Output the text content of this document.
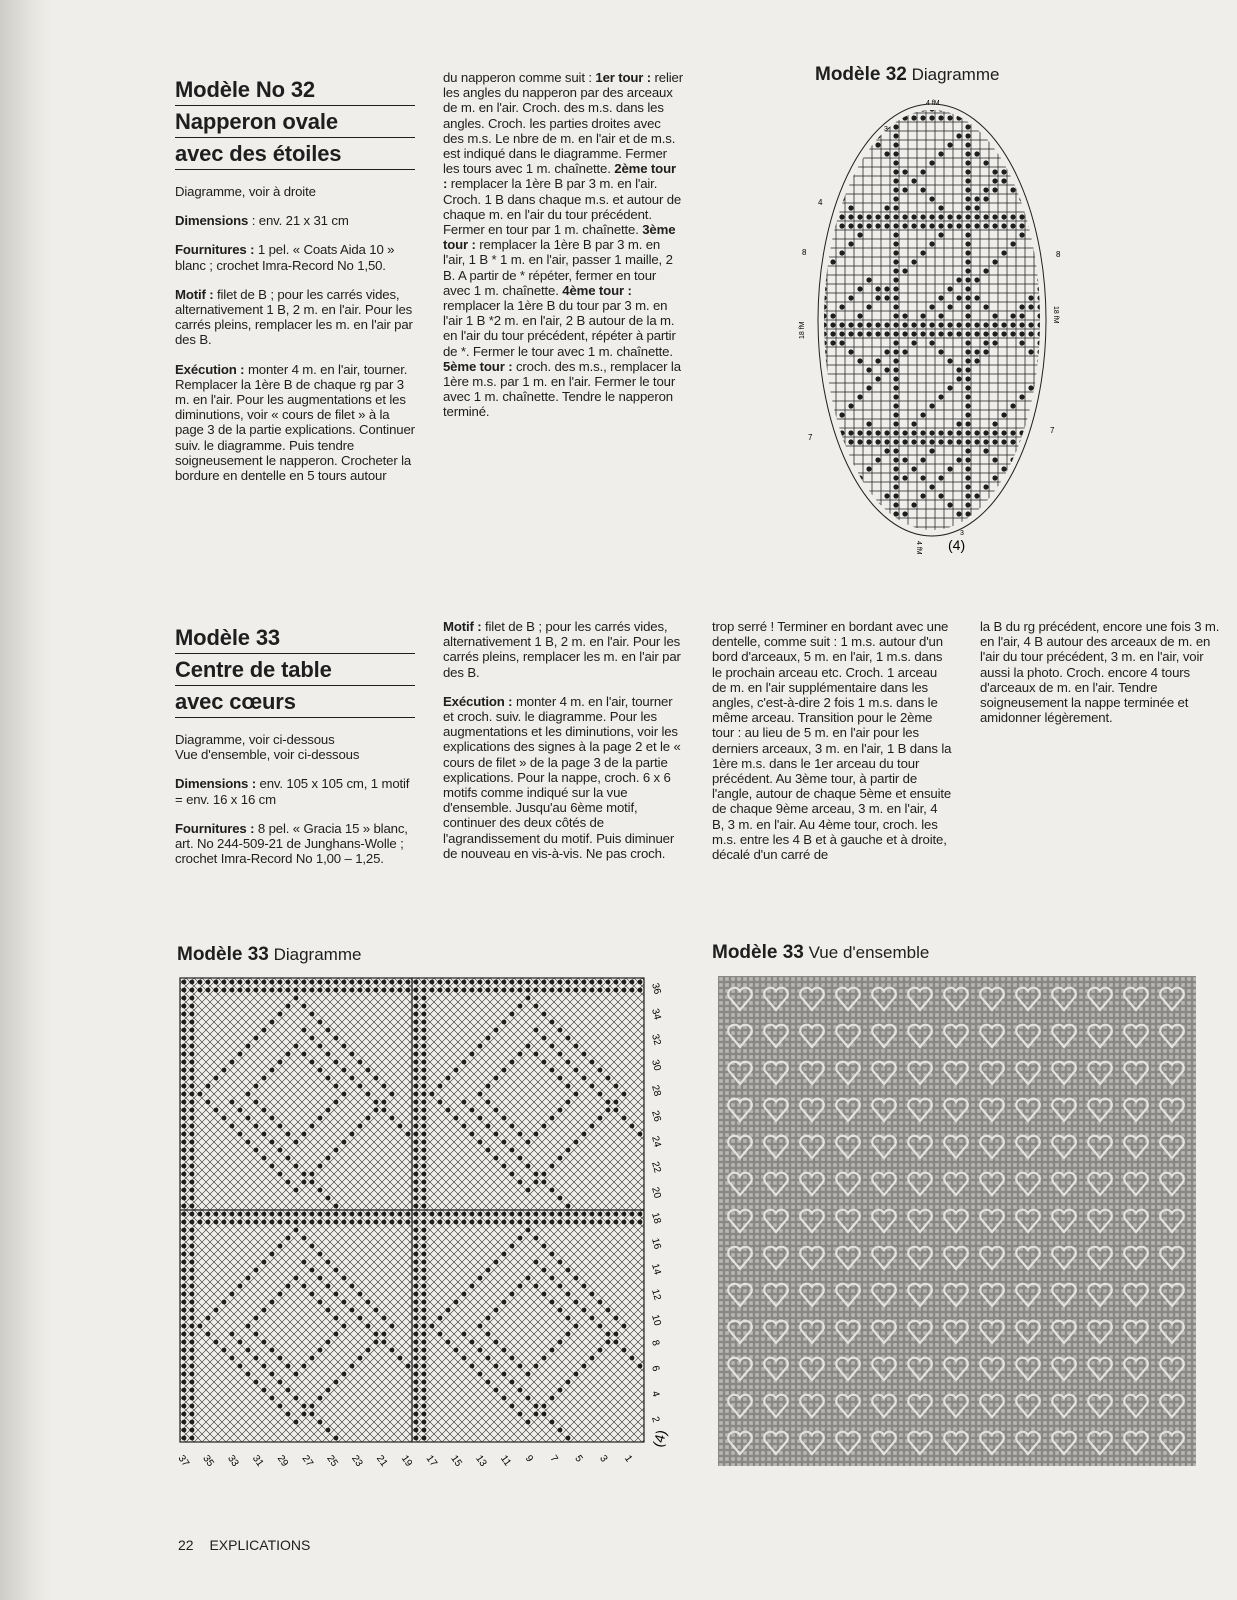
Modèle No 32
Napperon ovale
avec des étoiles

Diagramme, voir à droite

Dimensions : env. 21 x 31 cm

Fournitures : 1 pel. « Coats Aida 10 » blanc ; crochet Imra-Record No 1,50.

Motif : filet de B ; pour les carrés vides, alternativement 1 B, 2 m. en l'air. Pour les carrés pleins, remplacer les m. en l'air par des B.

Exécution : monter 4 m. en l'air, tourner. Remplacer la 1ère B de chaque rg par 3 m. en l'air. Pour les augmentations et les diminutions, voir « cours de filet » à la page 3 de la partie explications. Continuer suiv. le diagramme. Puis tendre soigneusement le napperon. Crocheter la bordure en dentelle en 5 tours autour

du napperon comme suit : 1er tour : relier les angles du napperon par des arceaux de m. en l'air. Croch. des m.s. dans les angles. Croch. les parties droites avec des m.s. Le nbre de m. en l'air et de m.s. est indiqué dans le diagramme. Fermer les tours avec 1 m. chaînette. 2ème tour : remplacer la 1ère B par 3 m. en l'air. Croch. 1 B dans chaque m.s. et autour de chaque m. en l'air du tour précédent. Fermer en tour par 1 m. chaînette. 3ème tour : remplacer la 1ère B par 3 m. en l'air, 1 B * 1 m. en l'air, passer 1 maille, 2 B. A partir de * répéter, fermer en tour avec 1 m. chaînette. 4ème tour : remplacer la 1ère B du tour par 3 m. en l'air 1 B *2 m. en l'air, 2 B autour de la m. en l'air du tour précédent, répéter à partir de *. Fermer le tour avec 1 m. chaînette. 5ème tour : croch. des m.s., remplacer la 1ère m.s. par 1 m. en l'air. Fermer le tour avec 1 m. chaînette. Tendre le napperon terminé.

Modèle 32 Diagramme
4 fM
4 fM
18 fM
18 fM
4
8	8
7
7
3
3
(4)
Modèle 33
Centre de table
avec cœurs

Diagramme, voir ci-dessous
Vue d'ensemble, voir ci-dessous

Dimensions : env. 105 x 105 cm, 1 motif = env. 16 x 16 cm

Fournitures : 8 pel. « Gracia 15 » blanc, art. No 244-509-21 de Junghans-Wolle ; crochet Imra-Record No 1,00 – 1,25.

Motif : filet de B ; pour les carrés vides, alternativement 1 B, 2 m. en l'air. Pour les carrés pleins, remplacer les m. en l'air par des B.

Exécution : monter 4 m. en l'air, tourner et croch. suiv. le diagramme. Pour les augmentations et les diminutions, voir les explications des signes à la page 2 et le « cours de filet » de la page 3 de la partie explications. Pour la nappe, croch. 6 x 6 motifs comme indiqué sur la vue d'ensemble. Jusqu'au 6ème motif, continuer des deux côtés de l'agrandissement du motif. Puis diminuer de nouveau en vis-à-vis. Ne pas croch.

trop serré ! Terminer en bordant avec une dentelle, comme suit : 1 m.s. autour d'un bord d'arceaux, 5 m. en l'air, 1 m.s. dans le prochain arceau etc. Croch. 1 arceau de m. en l'air supplémentaire dans les angles, c'est-à-dire 2 fois 1 m.s. dans le même arceau. Transition pour le 2ème tour : au lieu de 5 m. en l'air pour les derniers arceaux, 3 m. en l'air, 1 B dans la 1ère m.s. dans le 1er arceau du tour précédent. Au 3ème tour, à partir de l'angle, autour de chaque 5ème et ensuite de chaque 9ème arceau, 3 m. en l'air, 4 B, 3 m. en l'air. Au 4ème tour, croch. les m.s. entre les 4 B et à gauche et à droite, décalé d'un carré de

la B du rg précédent, encore une fois 3 m. en l'air, 4 B autour des arceaux de m. en l'air du tour précédent, 3 m. en l'air, voir aussi la photo. Croch. encore 4 tours d'arceaux de m. en l'air. Tendre soigneusement la nappe terminée et amidonner légèrement.

Modèle 33 Diagramme
36
34
32
30
28
26
24
22
20
18
16
14
12
10
8
6
4
2
37 35 33 31 29 27 25 23 21 19 17 15 13 11 9 7 5 3 1
(4)
Modèle 33 Vue d'ensemble
22 EXPLICATIONS
